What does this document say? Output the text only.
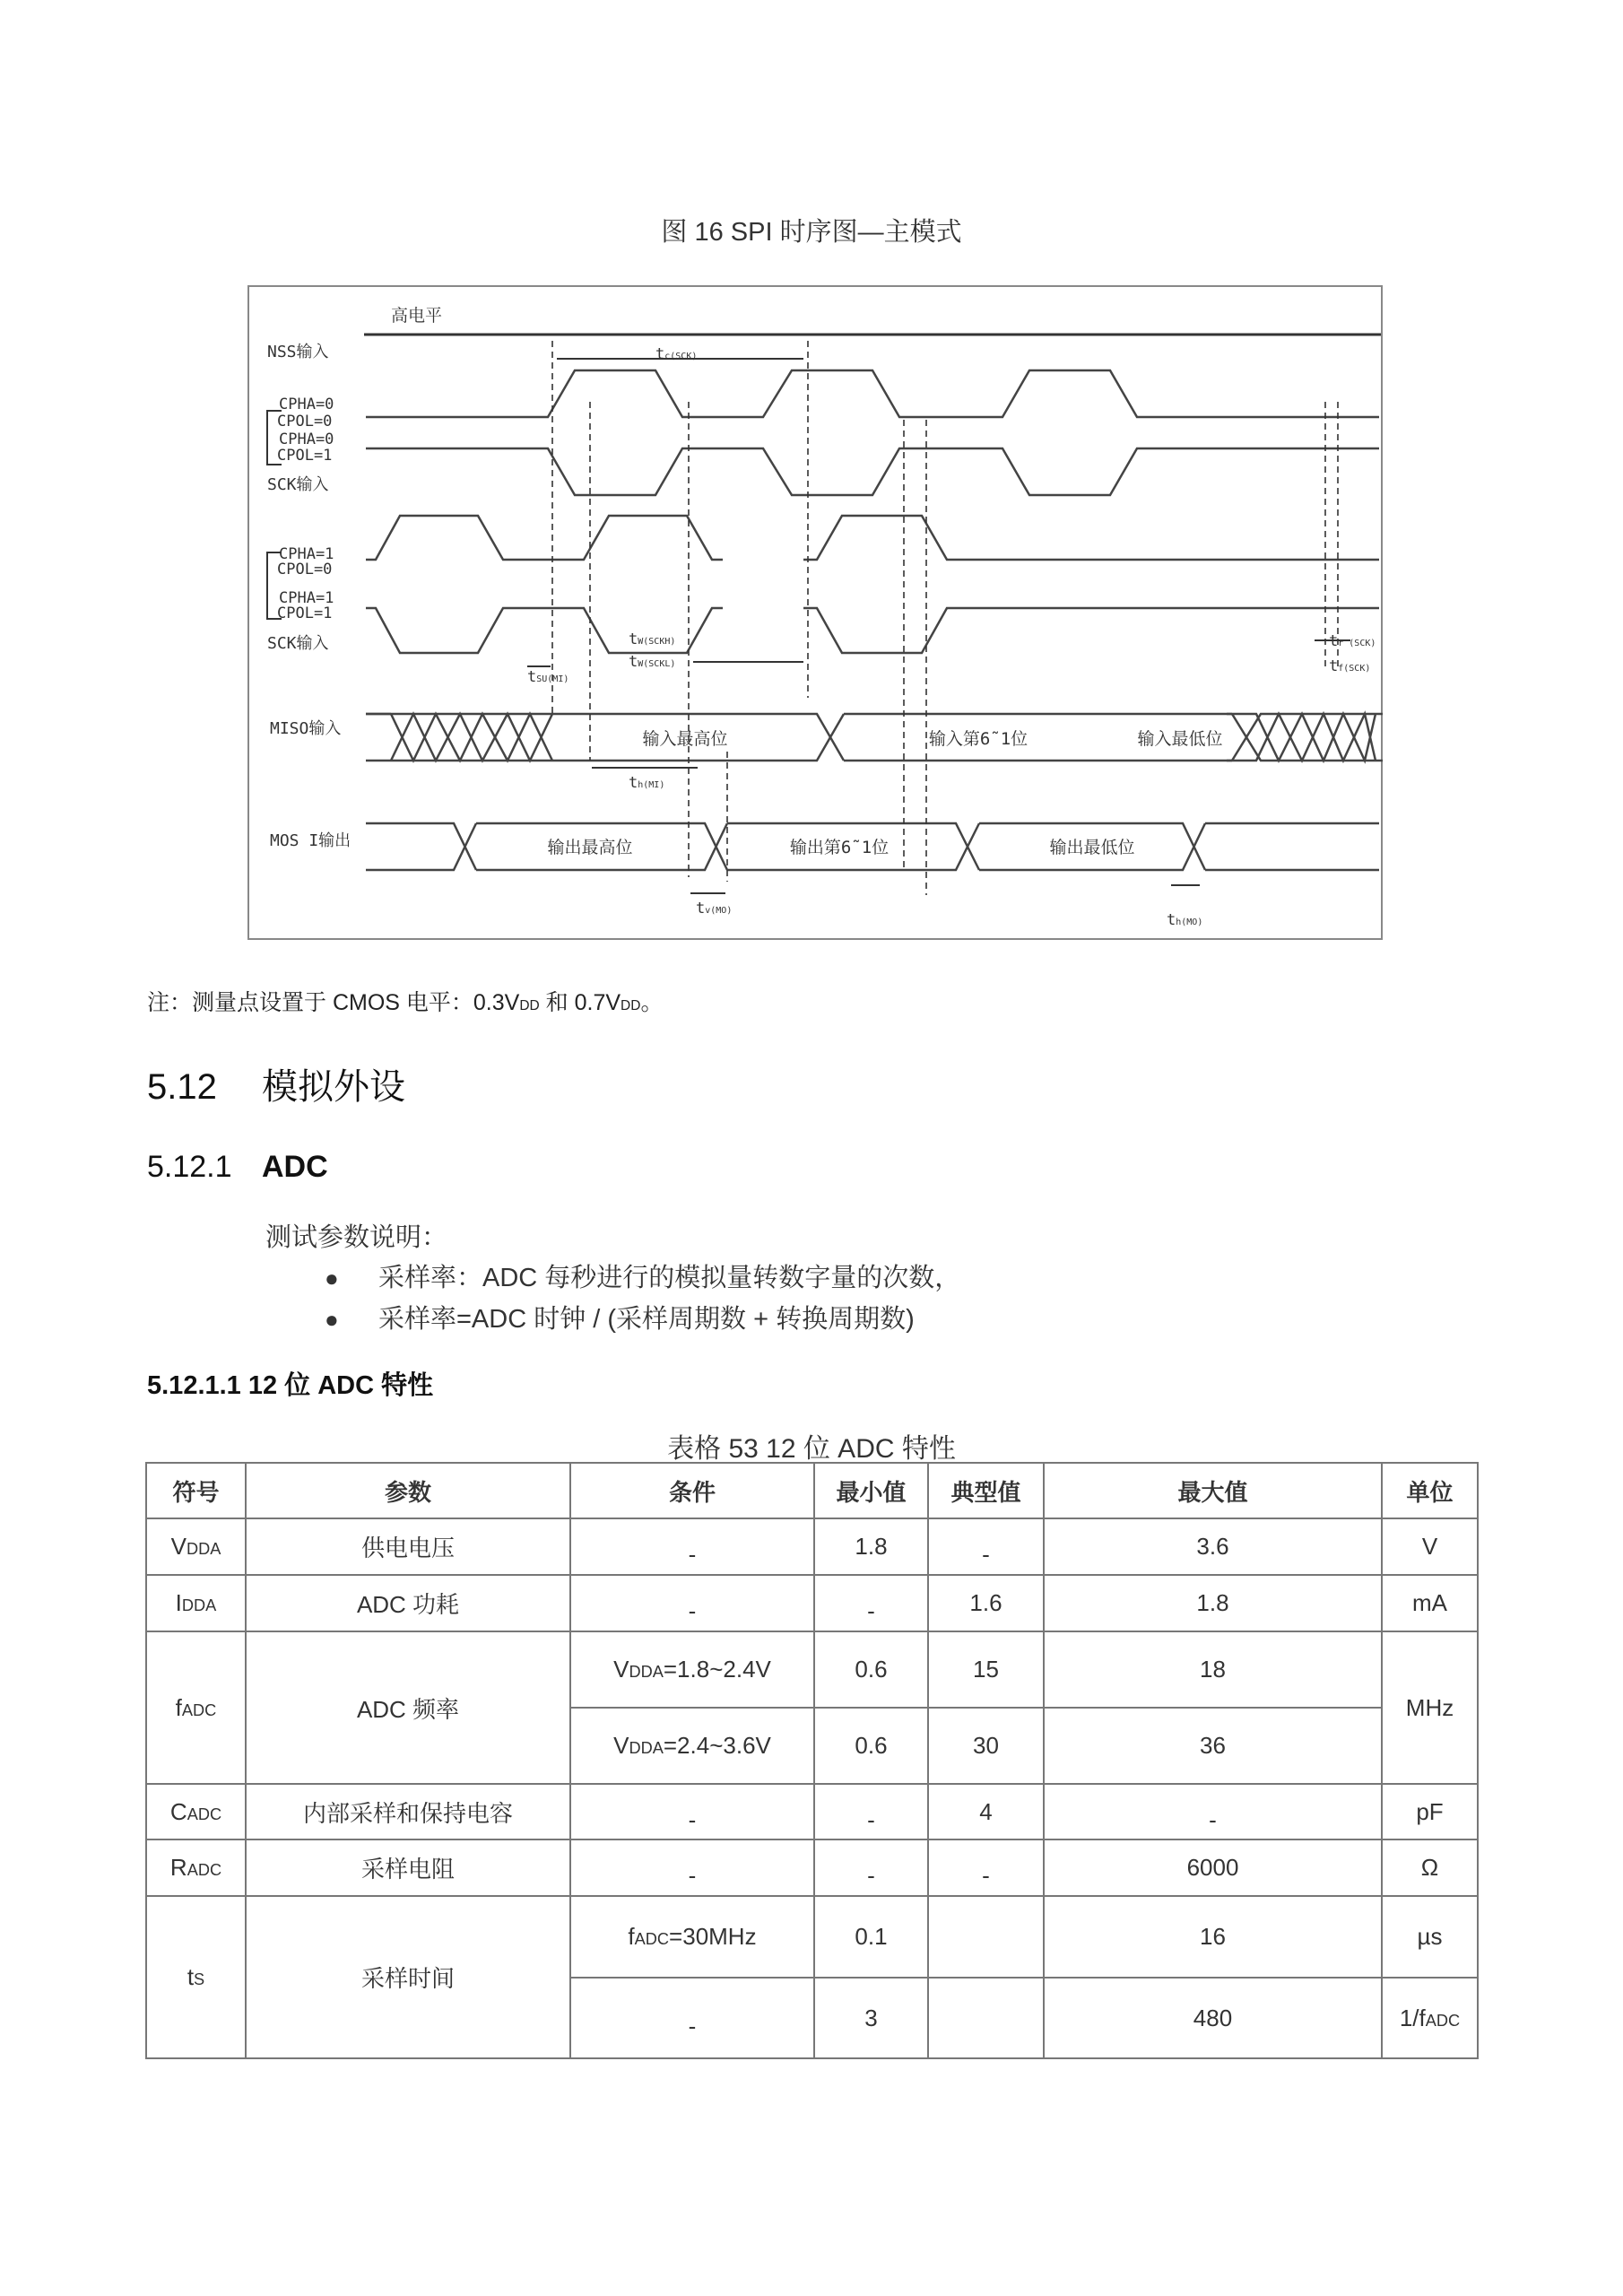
图 16 SPI 时序图—主模式
高电平
NSS输入
CPHA=0
CPOL=0
CPHA=0
CPOL=1
SCK输入
CPHA=1
CPOL=0
CPHA=1
CPOL=1
SCK输入
MISO输入
MOS I输出
tc(SCK)
tW(SCKH)
tW(SCKL)
tSU(MI)
th(MI)
tr (SCK)
tf(SCK)
tv(MO)
th(MO)
输入最高位	输入第6˜1位	输入最低位
输出最高位	输出第6˜1位	输出最低位
注：测量点设置于 CMOS 电平：0.3VDD 和 0.7VDD。
5.12 模拟外设
5.12.1 ADC
测试参数说明：
● 采样率：ADC 每秒进行的模拟量转数字量的次数，
● 采样率=ADC 时钟 / (采样周期数 + 转换周期数)
5.12.1.1 12 位 ADC 特性
表格 53 12 位 ADC 特性
符号	参数	条件	最小值	典型值	最大值	单位
VDDA	供电电压	-	1.8	-	3.6	V
IDDA	ADC 功耗	-	-	1.6	1.8	mA
fADC	ADC 频率	VDDA=1.8~2.4V	0.6	15	18	MHz
		VDDA=2.4~3.6V	0.6	30	36	
CADC	内部采样和保持电容	-	-	4	-	pF
RADC	采样电阻	-	-	-	6000	Ω
tS	采样时间	fADC=30MHz	0.1		16	µs
		-	3		480	1/fADC
